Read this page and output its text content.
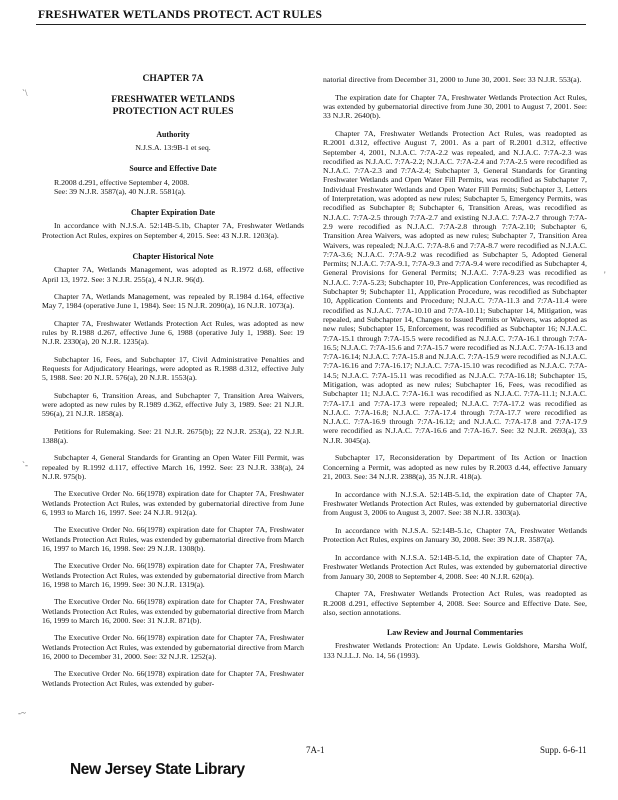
FRESHWATER WETLANDS PROTECT. ACT RULES
`\
'
`-
-~
CHAPTER 7A
FRESHWATER WETLANDS
PROTECTION ACT RULES
Authority
N.J.S.A. 13:9B-1 et seq.
Source and Effective Date

R.2008 d.291, effective September 4, 2008.

See: 39 N.J.R. 3587(a), 40 N.J.R. 5581(a).

Chapter Expiration Date

In accordance with N.J.S.A. 52:14B-5.1b, Chapter 7A, Freshwater Wetlands Protection Act Rules, expires on September 4, 2015. See: 43 N.J.R. 1203(a).

Chapter Historical Note

Chapter 7A, Wetlands Management, was adopted as R.1972 d.68, effective April 13, 1972. See: 3 N.J.R. 255(a), 4 N.J.R. 96(d).

Chapter 7A, Wetlands Management, was repealed by R.1984 d.164, effective May 7, 1984 (operative June 1, 1984). See: 15 N.J.R. 2090(a), 16 N.J.R. 1073(a).

Chapter 7A, Freshwater Wetlands Protection Act Rules, was adopted as new rules by R.1988 d.267, effective June 6, 1988 (operative July 1, 1988). See: 19 N.J.R. 2330(a), 20 N.J.R. 1235(a).

Subchapter 16, Fees, and Subchapter 17, Civil Administrative Penalties and Requests for Adjudicatory Hearings, were adopted as R.1988 d.312, effective July 5, 1988. See: 20 N.J.R. 576(a), 20 N.J.R. 1553(a).

Subchapter 6, Transition Areas, and Subchapter 7, Transition Area Waivers, were adopted as new rules by R.1989 d.362, effective July 3, 1989. See: 21 N.J.R. 596(a), 21 N.J.R. 1858(a).

Petitions for Rulemaking. See: 21 N.J.R. 2675(b); 22 N.J.R. 253(a), 22 N.J.R. 1388(a).

Subchapter 4, General Standards for Granting an Open Water Fill Permit, was repealed by R.1992 d.117, effective March 16, 1992. See: 23 N.J.R. 338(a), 24 N.J.R. 975(b).

The Executive Order No. 66(1978) expiration date for Chapter 7A, Freshwater Wetlands Protection Act Rules, was extended by gubernatorial directive from June 6, 1993 to March 16, 1997. See: 24 N.J.R. 912(a).

The Executive Order No. 66(1978) expiration date for Chapter 7A, Freshwater Wetlands Protection Act Rules, was extended by gubernatorial directive from March 16, 1997 to March 16, 1998. See: 29 N.J.R. 1308(b).

The Executive Order No. 66(1978) expiration date for Chapter 7A, Freshwater Wetlands Protection Act Rules, was extended by gubernatorial directive from March 16, 1998 to March 16, 1999. See: 30 N.J.R. 1319(a).

The Executive Order No. 66(1978) expiration date for Chapter 7A, Freshwater Wetlands Protection Act Rules, was extended by gubernatorial directive from March 16, 1999 to March 16, 2000. See: 31 N.J.R. 871(b).

The Executive Order No. 66(1978) expiration date for Chapter 7A, Freshwater Wetlands Protection Act Rules, was extended by gubernatorial directive from March 16, 2000 to December 31, 2000. See: 32 N.J.R. 1252(a).

The Executive Order No. 66(1978) expiration date for Chapter 7A, Freshwater Wetlands Protection Act Rules, was extended by guber-

natorial directive from December 31, 2000 to June 30, 2001. See: 33 N.J.R. 553(a).

The expiration date for Chapter 7A, Freshwater Wetlands Protection Act Rules, was extended by gubernatorial directive from June 30, 2001 to August 7, 2001. See: 33 N.J.R. 2640(b).

Chapter 7A, Freshwater Wetlands Protection Act Rules, was readopted as R.2001 d.312, effective August 7, 2001. As a part of R.2001 d.312, effective September 4, 2001, N.J.A.C. 7:7A-2.2 was repealed, and N.J.A.C. 7:7A-2.3 was recodified as N.J.A.C. 7:7A-2.2; N.J.A.C. 7:7A-2.4 and 7:7A-2.5 were recodified as N.J.A.C. 7:7A-2.3 and 7:7A-2.4; Subchapter 3, General Standards for Granting Freshwater Wetlands and Open Water Fill Permits, was recodified as Subchapter 7, Individual Freshwater Wetlands and Open Water Fill Permits; Subchapter 3, Letters of Interpretation, was adopted as new rules; Subchapter 5, Emergency Permits, was recodified as Subchapter 8; Subchapter 6, Transition Areas, was recodified as N.J.A.C. 7:7A-2.5 through 7:7A-2.7 and existing N.J.A.C. 7:7A-2.7 through 7:7A-2.9 were recodified as N.J.A.C. 7:7A-2.8 through 7:7A-2.10; Subchapter 6, Transition Area Waivers, was adopted as new rules; Subchapter 7, Transition Area Waivers, was repealed; N.J.A.C. 7:7A-8.6 and 7:7A-8.7 were recodified as N.J.A.C. 7:7A-3.6; N.J.A.C. 7:7A-9.2 was recodified as Subchapter 5, Adopted General Permits; N.J.A.C. 7:7A-9.1, 7:7A-9.3 and 7:7A-9.4 were recodified as Subchapter 4, General Provisions for General Permits; N.J.A.C. 7:7A-9.23 was recodified as N.J.A.C. 7:7A-5.23; Subchapter 10, Pre-Application Conferences, was recodified as Subchapter 9; Subchapter 11, Application Procedure, was recodified as Subchapter 10, Application Contents and Procedure; N.J.A.C. 7:7A-11.3 and 7:7A-11.4 were recodified as N.J.A.C. 7:7A-10.10 and 7:7A-10.11; Subchapter 14, Mitigation, was repealed, and Subchapter 14, Changes to Issued Permits or Waivers, was adopted as new rules; Subchapter 15, Enforcement, was recodified as Subchapter 16; N.J.A.C. 7:7A-15.1 through 7:7A-15.5 were recodified as N.J.A.C. 7:7A-16.1 through 7:7A-16.5; N.J.A.C. 7:7A-15.6 and 7:7A-15.7 were recodified as N.J.A.C. 7:7A-16.13 and 7:7A-16.14; N.J.A.C. 7:7A-15.8 and N.J.A.C. 7:7A-15.9 were recodified as N.J.A.C. 7:7A-16.16 and 7:7A-16.17; N.J.A.C. 7:7A-15.10 was recodified as N.J.A.C. 7:7A-14.5; N.J.A.C. 7:7A-15.11 was recodified as N.J.A.C. 7:7A-16.18; Subchapter 15, Mitigation, was adopted as new rules; Subchapter 16, Fees, was recodified as Subchapter 11; N.J.A.C. 7:7A-16.1 was recodified as N.J.A.C. 7:7A-11.1; N.J.A.C. 7:7A-17.1 and 7:7A-17.3 were repealed; N.J.A.C. 7:7A-17.2 was recodified as N.J.A.C. 7:7A-16.8; N.J.A.C. 7:7A-17.4 through 7:7A-17.7 were recodified as N.J.A.C. 7:7A-16.9 through 7:7A-16.12; and N.J.A.C. 7:7A-17.8 and 7:7A-17.9 were recodified as N.J.A.C. 7:7A-16.6 and 7:7A-16.7. See: 32 N.J.R. 2693(a), 33 N.J.R. 3045(a).

Subchapter 17, Reconsideration by Department of Its Action or Inaction Concerning a Permit, was adopted as new rules by R.2003 d.44, effective January 21, 2003. See: 34 N.J.R. 2388(a), 35 N.J.R. 418(a).

In accordance with N.J.S.A. 52:14B-5.1d, the expiration date of Chapter 7A, Freshwater Wetlands Protection Act Rules, was extended by gubernatorial directive from August 3, 2006 to August 3, 2007. See: 38 N.J.R. 3303(a).

In accordance with N.J.S.A. 52:14B-5.1c, Chapter 7A, Freshwater Wetlands Protection Act Rules, expires on January 30, 2008. See: 39 N.J.R. 3587(a).

In accordance with N.J.S.A. 52:14B-5.1d, the expiration date of Chapter 7A, Freshwater Wetlands Protection Act Rules, was extended by gubernatorial directive from January 30, 2008 to September 4, 2008. See: 40 N.J.R. 620(a).

Chapter 7A, Freshwater Wetlands Protection Act Rules, was readopted as R.2008 d.291, effective September 4, 2008. See: Source and Effective Date. See, also, section annotations.

Law Review and Journal Commentaries

Freshwater Wetlands Protection: An Update. Lewis Goldshore, Marsha Wolf, 133 N.J.L.J. No. 14, 56 (1993).

7A-1	Supp. 6-6-11
New Jersey State Library
